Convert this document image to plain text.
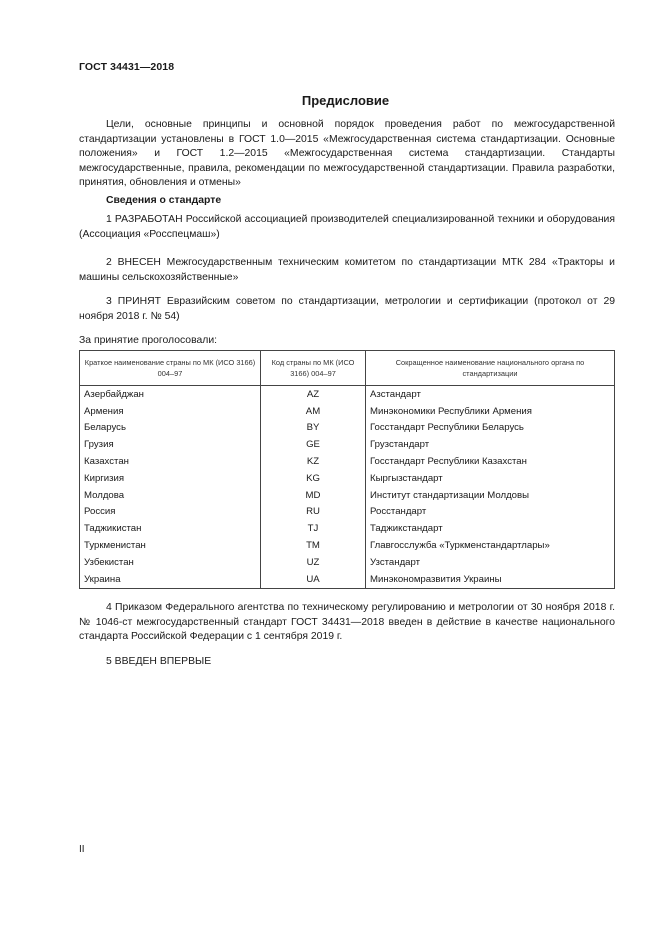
ГОСТ 34431—2018
Предисловие

Цели, основные принципы и основной порядок проведения работ по межгосударственной стандартизации установлены в ГОСТ 1.0—2015 «Межгосударственная система стандартизации. Основные положения» и ГОСТ 1.2—2015 «Межгосударственная система стандартизации. Стандарты межгосударственные, правила, рекомендации по межгосударственной стандартизации. Правила разработки, принятия, обновления и отмены»

Сведения о стандарте

1 РАЗРАБОТАН Российской ассоциацией производителей специализированной техники и оборудования (Ассоциация «Росспецмаш»)

2 ВНЕСЕН Межгосударственным техническим комитетом по стандартизации МТК 284 «Тракторы и машины сельскохозяйственные»

3 ПРИНЯТ Евразийским советом по стандартизации, метрологии и сертификации (протокол от 29 ноября 2018 г. № 54)

За принятие проголосовали:
Краткое наименование страны по МК (ИСО 3166) 004–97	Код страны по МК (ИСО 3166) 004–97	Сокращенное наименование национального органа по стандартизации
Азербайджан	AZ	Азстандарт
Армения	AM	Минэкономики Республики Армения
Беларусь	BY	Госстандарт Республики Беларусь
Грузия	GE	Грузстандарт
Казахстан	KZ	Госстандарт Республики Казахстан
Киргизия	KG	Кыргызстандарт
Молдова	MD	Институт стандартизации Молдовы
Россия	RU	Росстандарт
Таджикистан	TJ	Таджикстандарт
Туркменистан	TM	Главгосслужба «Туркменстандартлары»
Узбекистан	UZ	Узстандарт
Украина	UA	Минэкономразвития Украины

4 Приказом Федерального агентства по техническому регулированию и метрологии от 30 ноября 2018 г. № 1046-ст межгосударственный стандарт ГОСТ 34431—2018 введен в действие в качестве национального стандарта Российской Федерации с 1 сентября 2019 г.

5 ВВЕДЕН ВПЕРВЫЕ

II
